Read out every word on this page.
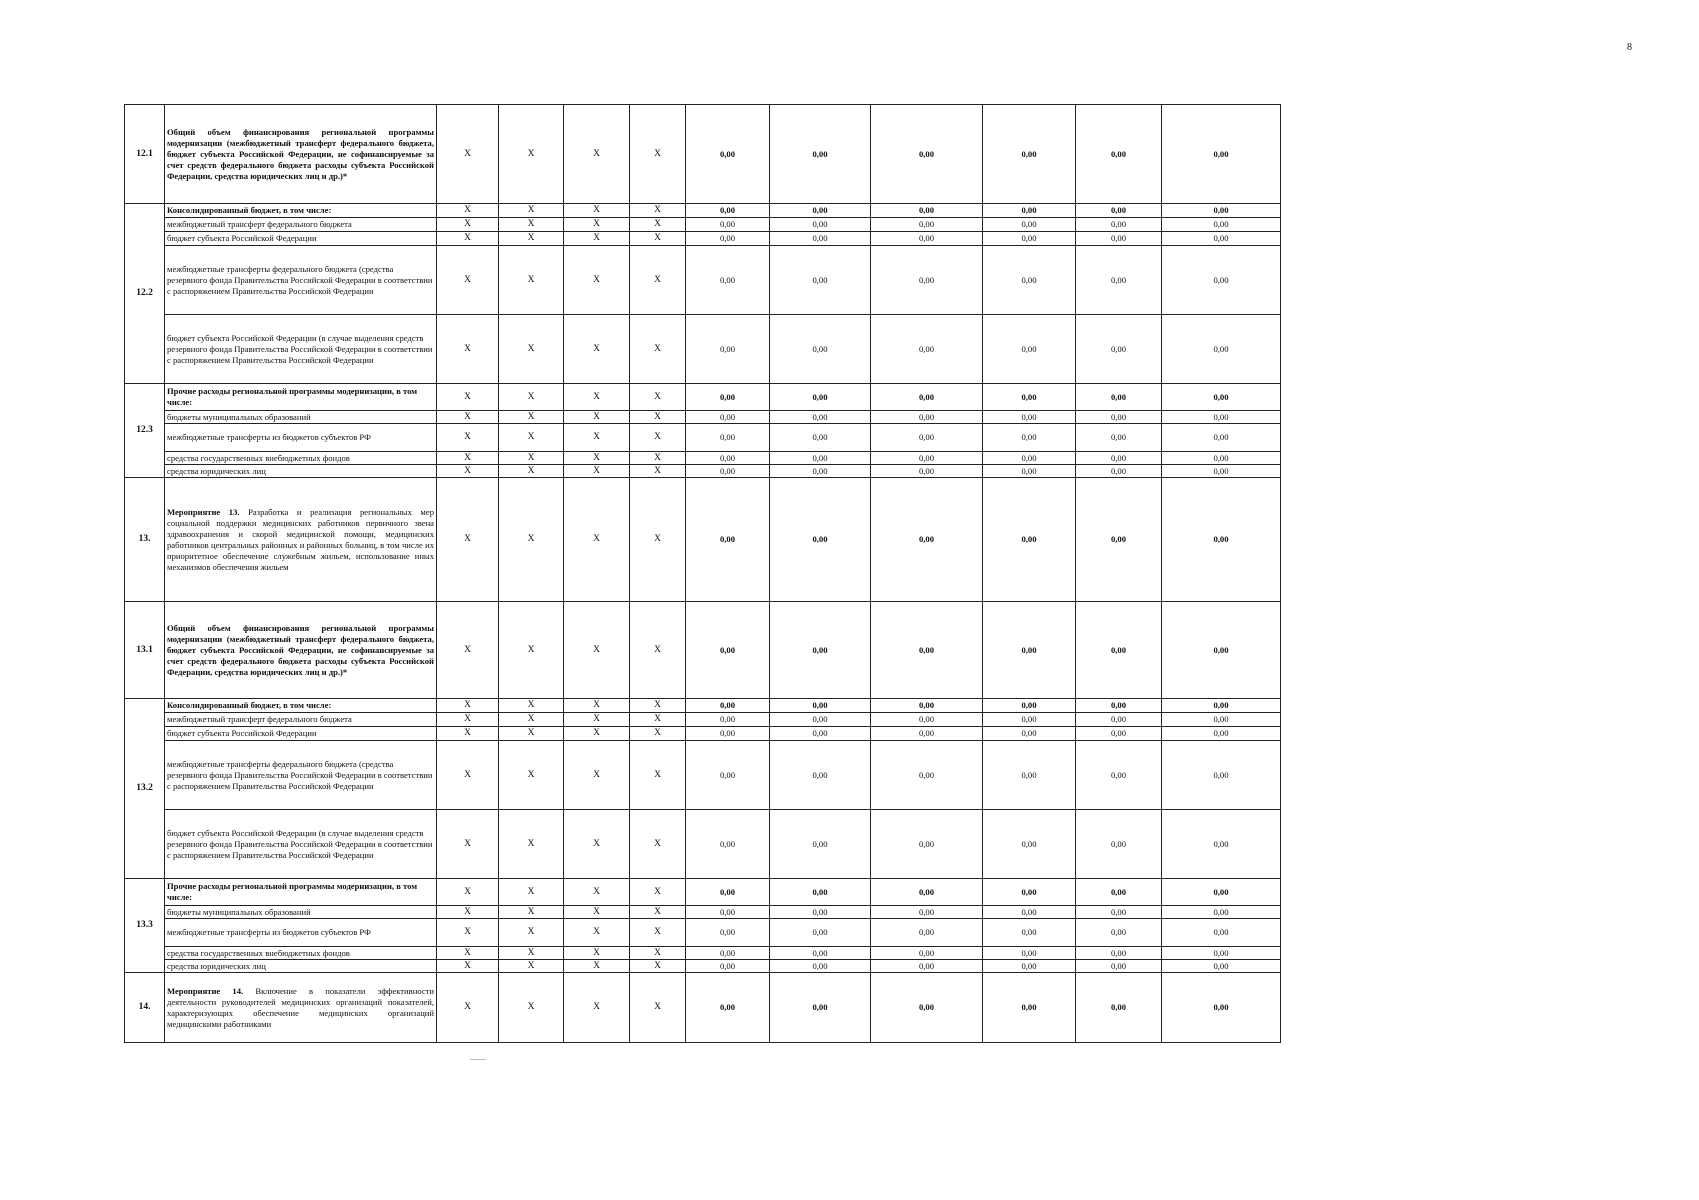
8
12.1	Общий объем финансирования региональной программы модернизации (межбюджетный трансферт федерального бюджета, бюджет субъекта Российской Федерации, не софинансируемые за счет средств федерального бюджета расходы субъекта Российской Федерации, средства юридических лиц и др.)*	X	X	X	X	0,00	0,00	0,00	0,00	0,00	0,00
12.2	Консолидированный бюджет, в том числе:	X	X	X	X	0,00	0,00	0,00	0,00	0,00	0,00
	межбюджетный трансферт федерального бюджета	X	X	X	X	0,00	0,00	0,00	0,00	0,00	0,00
	бюджет субъекта Российской Федерации	X	X	X	X	0,00	0,00	0,00	0,00	0,00	0,00
	межбюджетные трансферты федерального бюджета (средства резервного фонда Правительства Российской Федерации в соответствии с распоряжением Правительства Российской Федерации	X	X	X	X	0,00	0,00	0,00	0,00	0,00	0,00
	бюджет субъекта Российской Федерации (в случае выделения средств резервного фонда Правительства Российской Федерации в соответствии с распоряжением Правительства Российской Федерации	X	X	X	X	0,00	0,00	0,00	0,00	0,00	0,00
12.3	Прочие расходы региональной программы модернизации, в том числе:	X	X	X	X	0,00	0,00	0,00	0,00	0,00	0,00
	бюджеты муниципальных образований	X	X	X	X	0,00	0,00	0,00	0,00	0,00	0,00
	межбюджетные трансферты из бюджетов субъектов РФ	X	X	X	X	0,00	0,00	0,00	0,00	0,00	0,00
	средства государственных внебюджетных фондов	X	X	X	X	0,00	0,00	0,00	0,00	0,00	0,00
	средства юридических лиц	X	X	X	X	0,00	0,00	0,00	0,00	0,00	0,00
13.	Мероприятие 13. Разработка и реализация региональных мер социальной поддержки медицинских работников первичного звена здравоохранения и скорой медицинской помощи, медицинских работников центральных районных и районных больниц, в том числе их приоритетное обеспечение служебным жильем, использование иных механизмов обеспечения жильем	X	X	X	X	0,00	0,00	0,00	0,00	0,00	0,00
13.1	Общий объем финансирования региональной программы модернизации (межбюджетный трансферт федерального бюджета, бюджет субъекта Российской Федерации, не софинансируемые за счет средств федерального бюджета расходы субъекта Российской Федерации, средства юридических лиц и др.)*	X	X	X	X	0,00	0,00	0,00	0,00	0,00	0,00
13.2	Консолидированный бюджет, в том числе:	X	X	X	X	0,00	0,00	0,00	0,00	0,00	0,00
	межбюджетный трансферт федерального бюджета	X	X	X	X	0,00	0,00	0,00	0,00	0,00	0,00
	бюджет субъекта Российской Федерации	X	X	X	X	0,00	0,00	0,00	0,00	0,00	0,00
	межбюджетные трансферты федерального бюджета (средства резервного фонда Правительства Российской Федерации в соответствии с распоряжением Правительства Российской Федерации	X	X	X	X	0,00	0,00	0,00	0,00	0,00	0,00
	бюджет субъекта Российской Федерации (в случае выделения средств резервного фонда Правительства Российской Федерации в соответствии с распоряжением Правительства Российской Федерации	X	X	X	X	0,00	0,00	0,00	0,00	0,00	0,00
13.3	Прочие расходы региональной программы модернизации, в том числе:	X	X	X	X	0,00	0,00	0,00	0,00	0,00	0,00
	бюджеты муниципальных образований	X	X	X	X	0,00	0,00	0,00	0,00	0,00	0,00
	межбюджетные трансферты из бюджетов субъектов РФ	X	X	X	X	0,00	0,00	0,00	0,00	0,00	0,00
	средства государственных внебюджетных фондов	X	X	X	X	0,00	0,00	0,00	0,00	0,00	0,00
	средства юридических лиц	X	X	X	X	0,00	0,00	0,00	0,00	0,00	0,00
14.	Мероприятие 14. Включение в показатели эффективности деятельности руководителей медицинских организаций показателей, характеризующих обеспечение медицинских организаций медицинскими работниками	X	X	X	X	0,00	0,00	0,00	0,00	0,00	0,00
